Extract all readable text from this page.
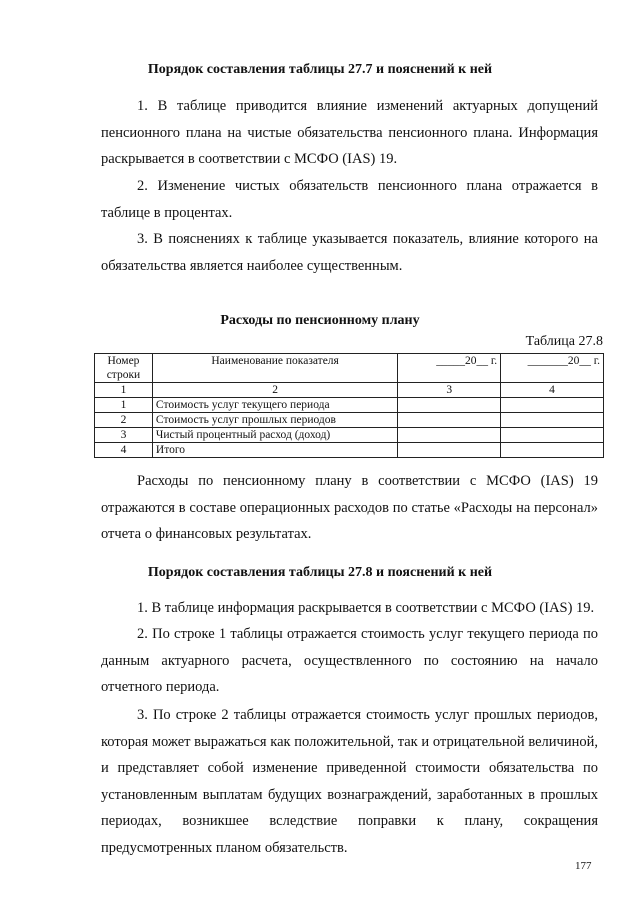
Порядок составления таблицы 27.7 и пояснений к ней

1. В таблице приводится влияние изменений актуарных допущений пенсионного плана на чистые обязательства пенсионного плана. Информация раскрывается в соответствии с МСФО (IAS) 19.

2. Изменение чистых обязательств пенсионного плана отражается в таблице в процентах.

3. В пояснениях к таблице указывается показатель, влияние которого на обязательства является наиболее существенным.

Расходы по пенсионному плану
Таблица 27.8
Номер строки	Наименование показателя	_____20__ г.	_______20__ г.
1	2	3	4
1	Стоимость услуг текущего периода		
2	Стоимость услуг прошлых периодов		
3	Чистый процентный расход (доход)		
4	Итого		

Расходы по пенсионному плану в соответствии с МСФО (IAS) 19 отражаются в составе операционных расходов по статье «Расходы на персонал» отчета о финансовых результатах.

Порядок составления таблицы 27.8 и пояснений к ней

1. В таблице информация раскрывается в соответствии с МСФО (IAS) 19.

2. По строке 1 таблицы отражается стоимость услуг текущего периода по данным актуарного расчета, осуществленного по состоянию на начало отчетного периода.

3. По строке 2 таблицы отражается стоимость услуг прошлых периодов, которая может выражаться как положительной, так и отрицательной величиной, и представляет собой изменение приведенной стоимости обязательства по установленным выплатам будущих вознаграждений, заработанных в прошлых периодах, возникшее вследствие поправки к плану, сокращения предусмотренных планом обязательств.

177
